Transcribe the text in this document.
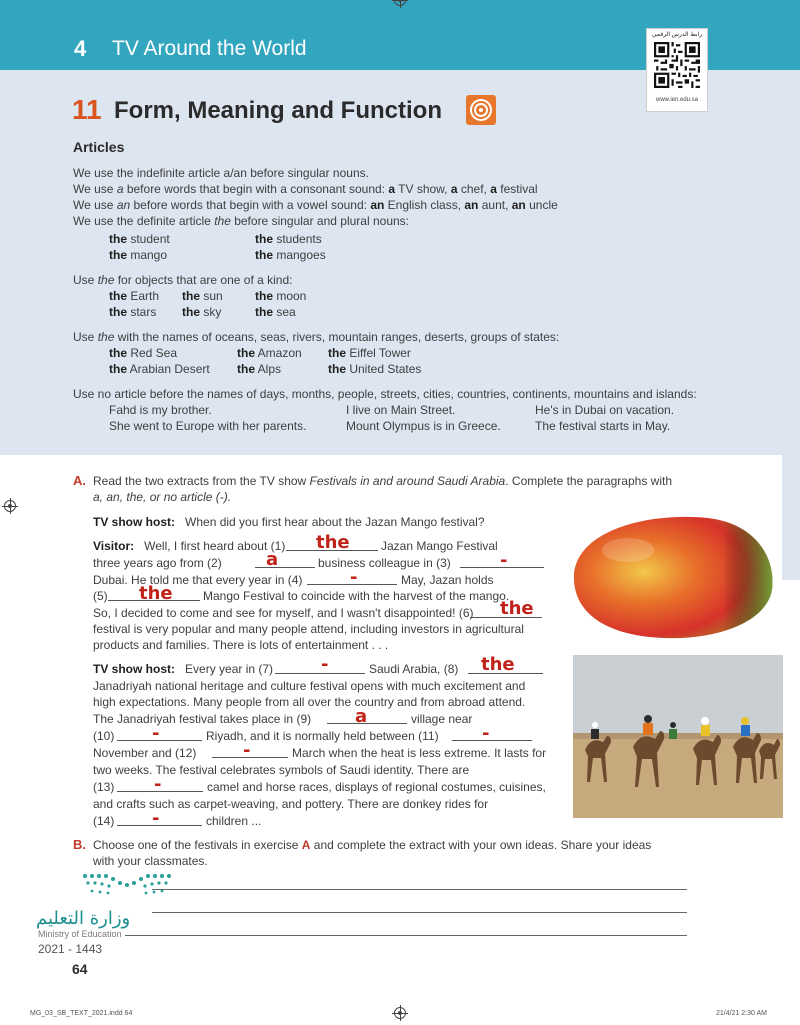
4 TV Around the World
رابط الدرس الرقمي
www.ien.edu.sa
11 Form, Meaning and Function
Articles
We use the indefinite article a/an before singular nouns.
We use a before words that begin with a consonant sound: a TV show, a chef, a festival
We use an before words that begin with a vowel sound: an English class, an aunt, an uncle
We use the definite article the before singular and plural nouns:
the student	the students
the mango	the mangoes
Use the for objects that are one of a kind:
the Earth the sun	the moon
the stars the sky	the sea
Use the with the names of oceans, seas, rivers, mountain ranges, deserts, groups of states:
the Red Sea	the Amazon the Eiffel Tower
the Arabian Desert the Alps	the United States
Use no article before the names of days, months, people, streets, cities, countries, continents, mountains and islands:
Fahd is my brother.	I live on Main Street.	He's in Dubai on vacation.
She went to Europe with her parents.	Mount Olympus is in Greece.	The festival starts in May.
A. Read the two extracts from the TV show Festivals in and around Saudi Arabia. Complete the paragraphs with
a, an, the, or no article (-).
TV show host: When did you first hear about the Jazan Mango festival?
Visitor: Well, I first heard about (1)	Jazan Mango Festival
three years ago from (2)	business colleague in (3)
Dubai. He told me that every year in (4)	May, Jazan holds
(5)	Mango Festival to coincide with the harvest of the mango.
So, I decided to come and see for myself, and I wasn't disappointed! (6)
festival is very popular and many people attend, including investors in agricultural
products and families. There is lots of entertainment . . .
TV show host: Every year in (7)	Saudi Arabia, (8)
Janadriyah national heritage and culture festival opens with much excitement and
high expectations. Many people from all over the country and from abroad attend.
The Janadriyah festival takes place in (9)	village near
(10)	Riyadh, and it is normally held between (11)
November and (12)	March when the heat is less extreme. It lasts for
two weeks. The festival celebrates symbols of Saudi identity. There are
(13)	camel and horse races, displays of regional costumes, cuisines,
and crafts such as carpet-weaving, and pottery. There are donkey rides for
(14)	children ...
the
a	-
-
the
the
-	the
a
-	-
-
-
-
B. Choose one of the festivals in exercise A and complete the extract with your own ideas. Share your ideas
with your classmates.
وزارة التعليم
Ministry of Education
2021 - 1443
64
MG_03_SB_TEXT_2021.indd 64	21/4/21 2:30 AM
